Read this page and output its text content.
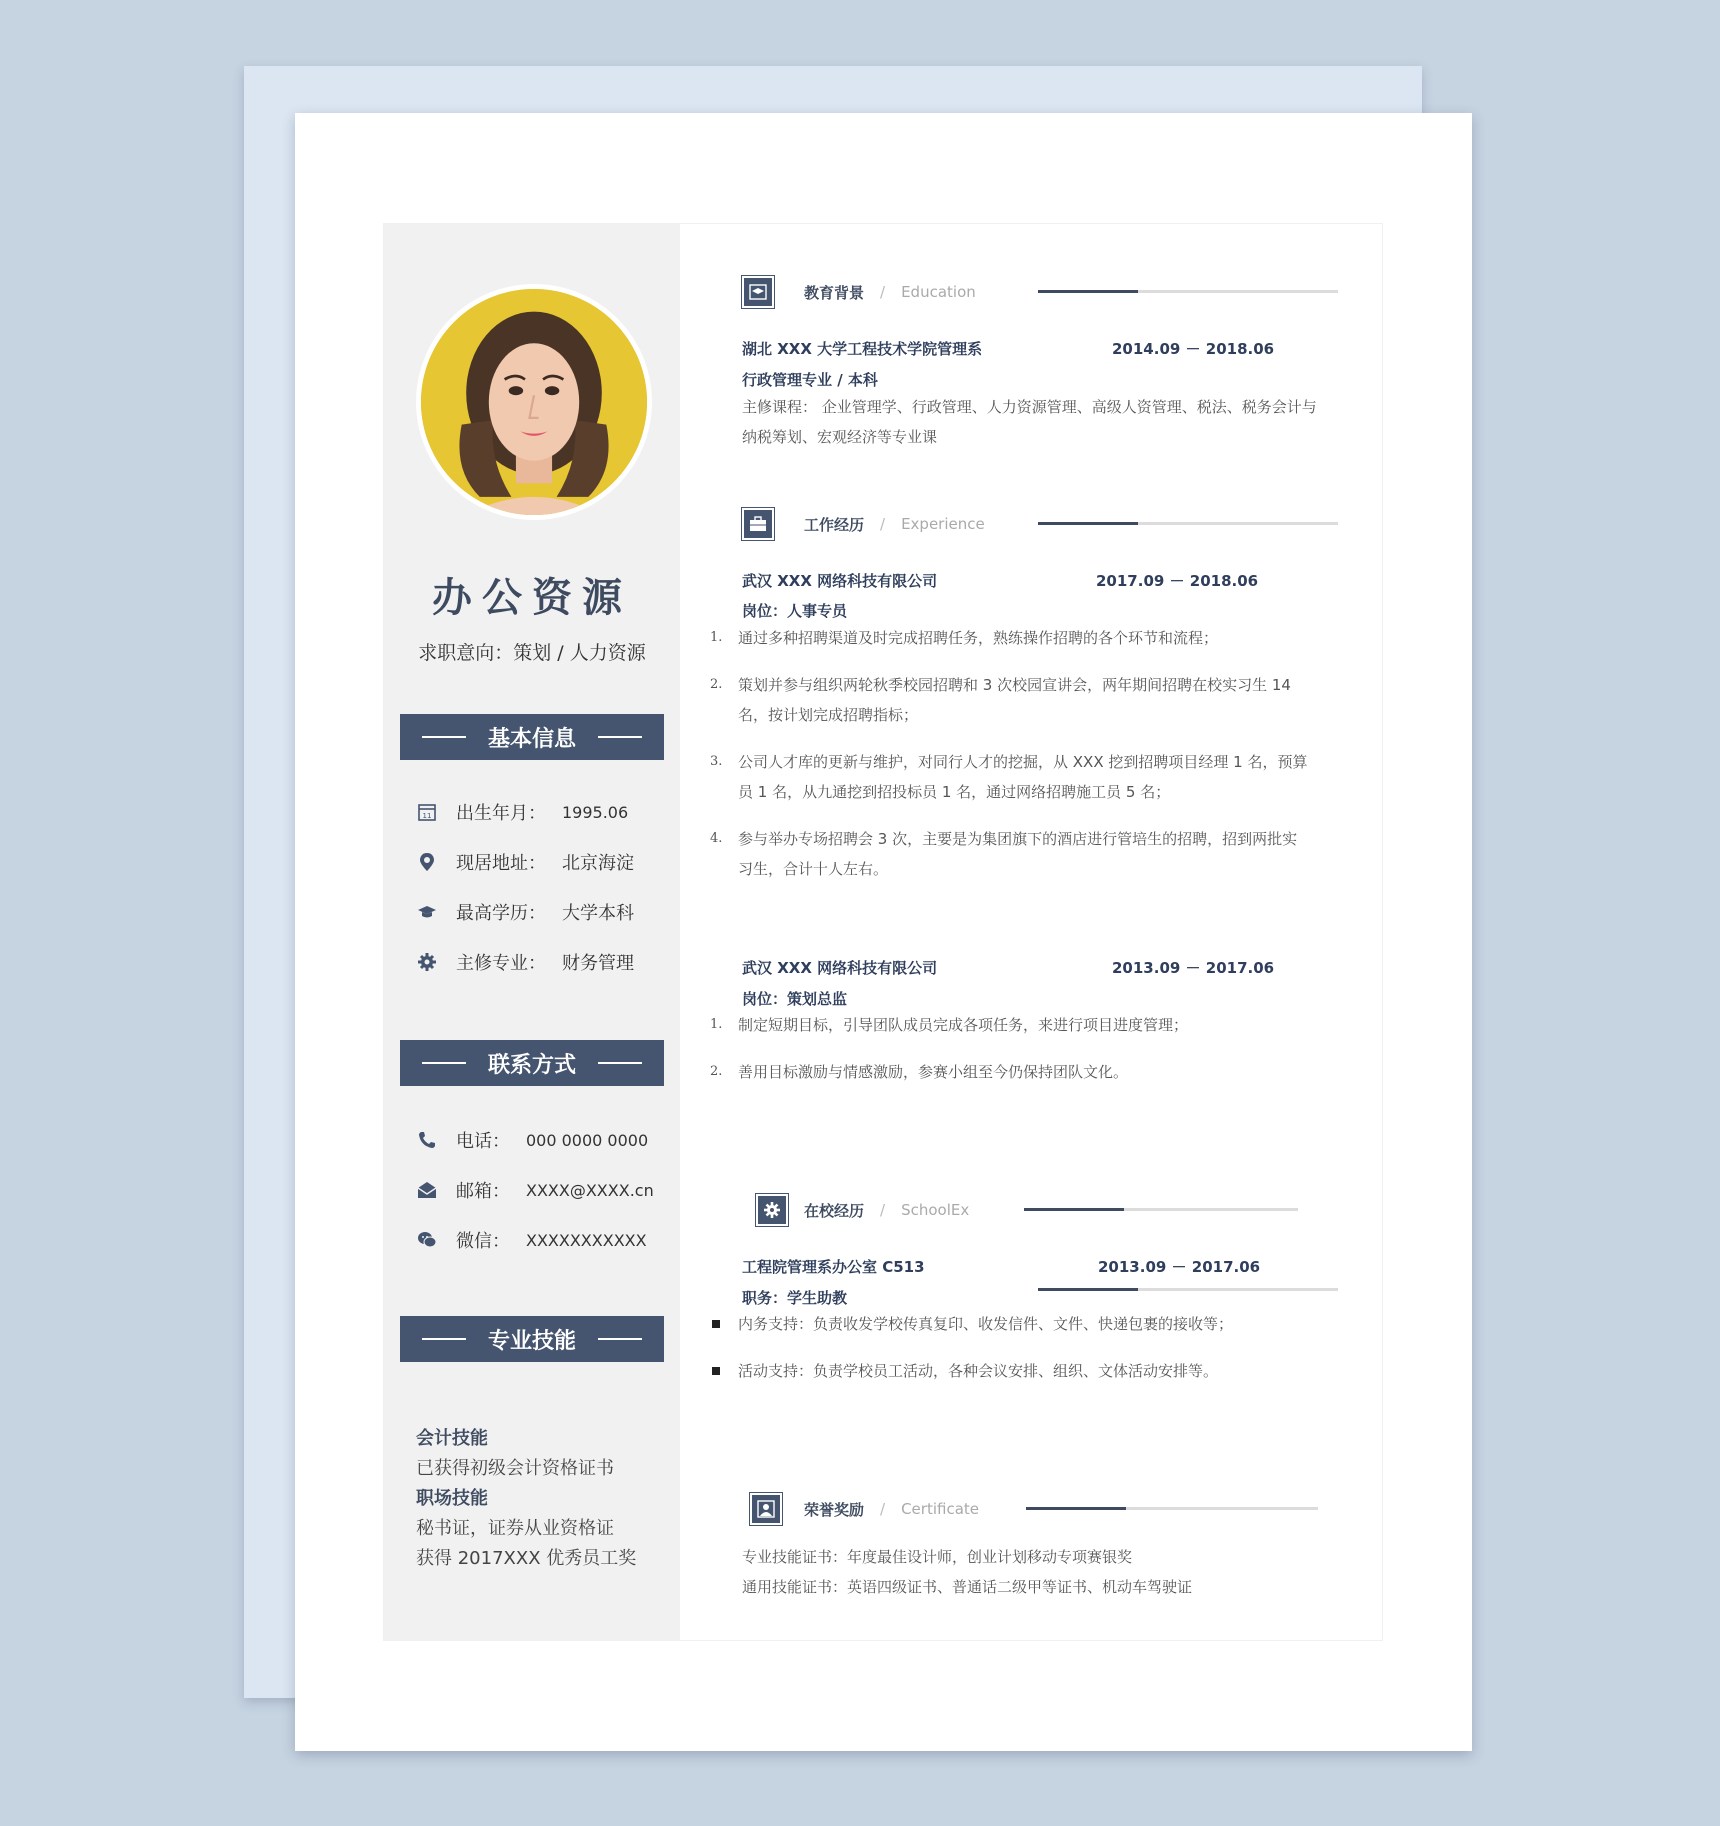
办公资源
求职意向：策划 / 人力资源
基本信息
11 出生年月： 1995.06
现居地址： 北京海淀
最高学历： 大学本科
主修专业： 财务管理
联系方式
电话： 000 0000 0000
邮箱： XXXX@XXXX.cn
微信： XXXXXXXXXXX
专业技能
会计技能
已获得初级会计资格证书
职场技能
秘书证，证券从业资格证
获得 2017XXX 优秀员工奖
教育背景 / Education
湖北 XXX 大学工程技术学院管理系	2014.09 － 2018.06
行政管理专业 / 本科
主修课程： 企业管理学、行政管理、人力资源管理、高级人资管理、税法、税务会计与纳税筹划、宏观经济等专业课
工作经历 / Experience
武汉 XXX 网络科技有限公司	2017.09 － 2018.06
岗位：人事专员
1. 通过多种招聘渠道及时完成招聘任务，熟练操作招聘的各个环节和流程；
2. 策划并参与组织两轮秋季校园招聘和 3 次校园宣讲会，两年期间招聘在校实习生 14 名，按计划完成招聘指标；
3. 公司人才库的更新与维护，对同行人才的挖掘，从 XXX 挖到招聘项目经理 1 名，预算员 1 名，从九通挖到招投标员 1 名，通过网络招聘施工员 5 名；
4. 参与举办专场招聘会 3 次，主要是为集团旗下的酒店进行管培生的招聘，招到两批实习生，合计十人左右。
武汉 XXX 网络科技有限公司	2013.09 － 2017.06
岗位：策划总监
1. 制定短期目标，引导团队成员完成各项任务，来进行项目进度管理；
2. 善用目标激励与情感激励，参赛小组至今仍保持团队文化。
在校经历 / SchoolEx
工程院管理系办公室 C513	2013.09 － 2017.06
职务：学生助教
内务支持：负责收发学校传真复印、收发信件、文件、快递包裹的接收等；
活动支持：负责学校员工活动，各种会议安排、组织、文体活动安排等。
荣誉奖励 / Certificate
专业技能证书：年度最佳设计师，创业计划移动专项赛银奖
通用技能证书：英语四级证书、普通话二级甲等证书、机动车驾驶证
